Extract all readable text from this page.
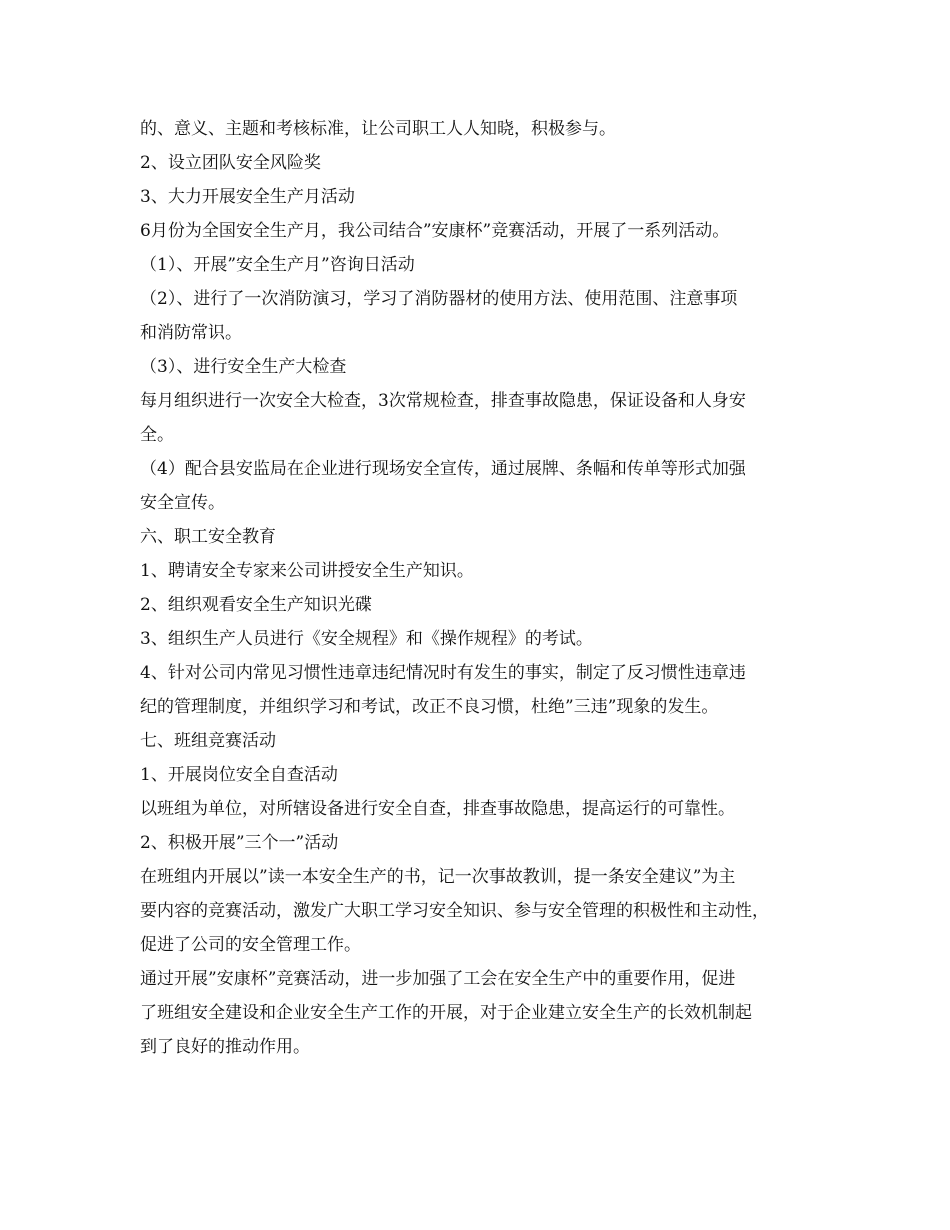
的、意义、主题和考核标准，让公司职工人人知晓，积极参与。

2、设立团队安全风险奖

3、大力开展安全生产月活动

6月份为全国安全生产月，我公司结合”安康杯”竞赛活动，开展了一系列活动。

（1）、开展”安全生产月”咨询日活动

（2）、进行了一次消防演习，学习了消防器材的使用方法、使用范围、注意事项

和消防常识。

（3）、进行安全生产大检查

每月组织进行一次安全大检查，3次常规检查，排查事故隐患，保证设备和人身安

全。

（4）配合县安监局在企业进行现场安全宣传，通过展牌、条幅和传单等形式加强

安全宣传。

六、职工安全教育

1、聘请安全专家来公司讲授安全生产知识。

2、组织观看安全生产知识光碟

3、组织生产人员进行《安全规程》和《操作规程》的考试。

4、针对公司内常见习惯性违章违纪情况时有发生的事实，制定了反习惯性违章违

纪的管理制度，并组织学习和考试，改正不良习惯，杜绝”三违”现象的发生。

七、班组竞赛活动

1、开展岗位安全自查活动

以班组为单位，对所辖设备进行安全自查，排查事故隐患，提高运行的可靠性。

2、积极开展”三个一”活动

在班组内开展以”读一本安全生产的书，记一次事故教训，提一条安全建议”为主

要内容的竞赛活动，激发广大职工学习安全知识、参与安全管理的积极性和主动性，

促进了公司的安全管理工作。

通过开展”安康杯”竞赛活动，进一步加强了工会在安全生产中的重要作用，促进

了班组安全建设和企业安全生产工作的开展，对于企业建立安全生产的长效机制起

到了良好的推动作用。
